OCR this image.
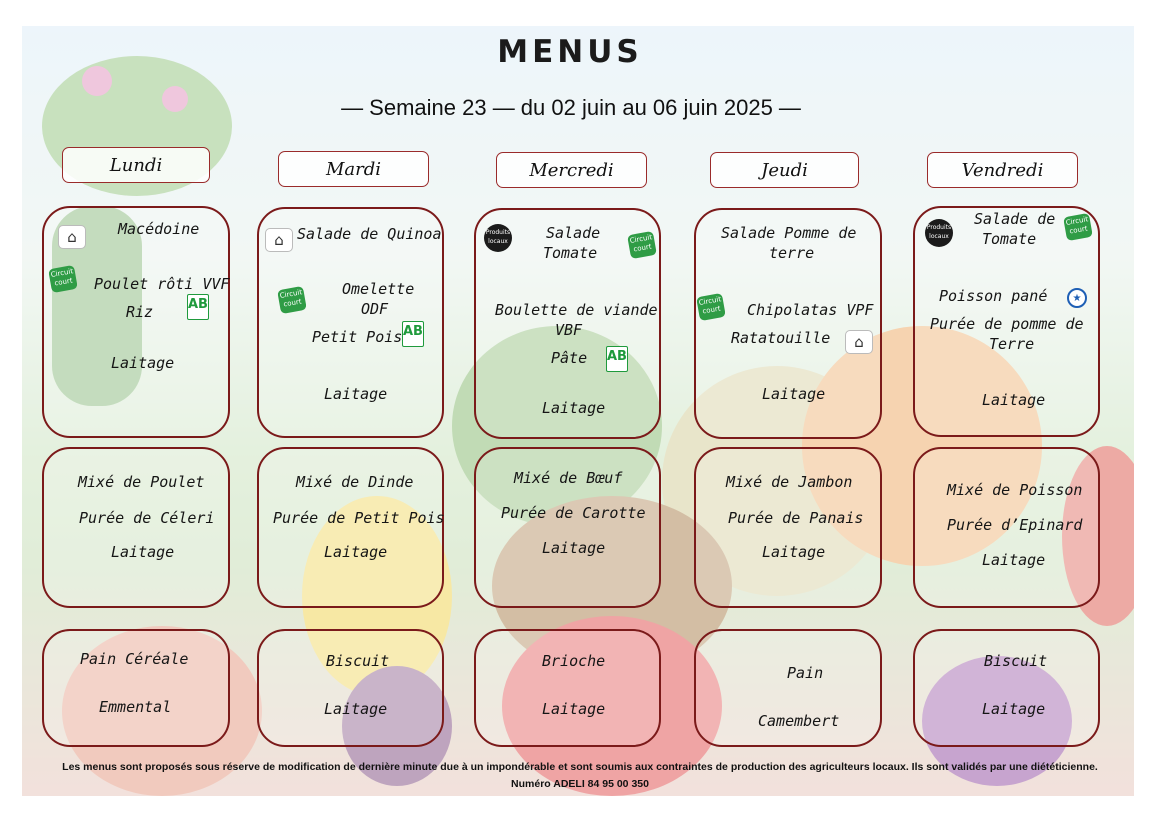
MENUS
— Semaine 23 — du 02 juin au 06 juin 2025 —
Lundi	Mardi	Mercredi	Jeudi	Vendredi
⌂	Macédoine
Circuit court	Poulet rôti VVF
Riz	AB
Laitage
⌂ Salade de Quinoa
Circuit court
Omelette
ODF
Petit Pois AB
Laitage
Produits locaux	Salade
Tomate
Circuit court
Boulette de viande
VBF
Pâte AB
Laitage
Salade Pomme de
terre
Circuit court	Chipolatas VPF
Ratatouille	⌂
Laitage
Produits locaux
Salade de
Tomate
Circuit court
Poisson pané	★
Purée de pomme de
Terre
Laitage
Mixé de Poulet
Purée de Céleri
Laitage
Mixé de Dinde
Purée de Petit Pois
Laitage
Mixé de Bœuf
Purée de Carotte
Laitage
Mixé de Jambon
Purée de Panais
Laitage
Mixé de Poisson
Purée d’Epinard
Laitage
Pain Céréale
Emmental
Biscuit
Laitage
Brioche
Laitage
Pain
Camembert
Biscuit
Laitage
Les menus sont proposés sous réserve de modification de dernière minute due à un impondérable et sont soumis aux contraintes de production des agriculteurs locaux. Ils sont validés par une diététicienne.
Numéro ADELI 84 95 00 350
